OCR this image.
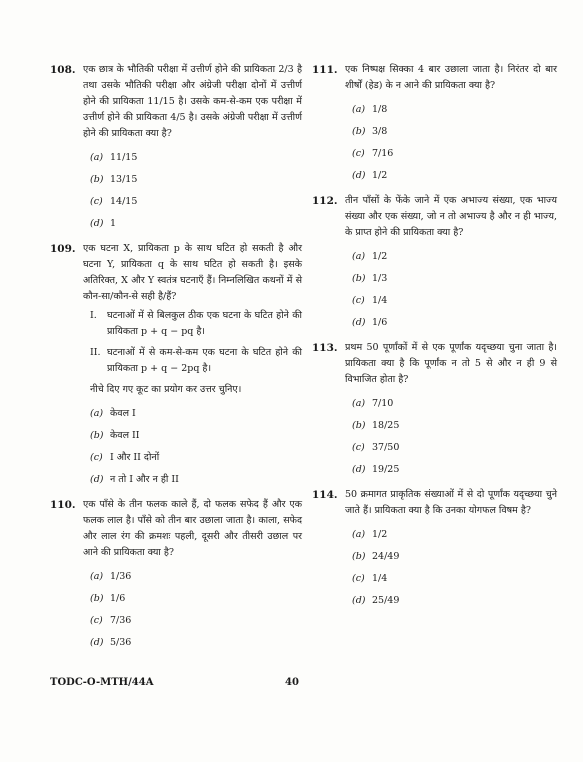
108. एक छात्र के भौतिकी परीक्षा में उत्तीर्ण होने की प्रायिकता 2/3 है तथा उसके भौतिकी परीक्षा और अंग्रेजी परीक्षा दोनों में उत्तीर्ण होने की प्रायिकता 11/15 है। उसके कम-से-कम एक परीक्षा में उत्तीर्ण होने की प्रायिकता 4/5 है। उसके अंग्रेजी परीक्षा में उत्तीर्ण होने की प्रायिकता क्या है?
(a) 11/15
(b) 13/15
(c) 14/15
(d) 1
109. एक घटना X, प्रायिकता p के साथ घटित हो सकती है और घटना Y, प्रायिकता q के साथ घटित हो सकती है। इसके अतिरिक्त, X और Y स्वतंत्र घटनाएँ हैं। निम्नलिखित कथनों में से कौन-सा/कौन-से सही है/हैं?
I. घटनाओं में से बिलकुल ठीक एक घटना के घटित होने की प्रायिकता p + q − pq है।
II. घटनाओं में से कम-से-कम एक घटना के घटित होने की प्रायिकता p + q − 2pq है।
नीचे दिए गए कूट का प्रयोग कर उत्तर चुनिए।
(a) केवल I
(b) केवल II
(c) I और II दोनों
(d) न तो I और न ही II
110. एक पाँसे के तीन फलक काले हैं, दो फलक सफेद हैं और एक फलक लाल है। पाँसे को तीन बार उछाला जाता है। काला, सफेद और लाल रंग की क्रमशः पहली, दूसरी और तीसरी उछाल पर आने की प्रायिकता क्या है?
(a) 1/36
(b) 1/6
(c) 7/36
(d) 5/36
111. एक निष्पक्ष सिक्का 4 बार उछाला जाता है। निरंतर दो बार शीर्षों (हेड) के न आने की प्रायिकता क्या है?
(a) 1/8
(b) 3/8
(c) 7/16
(d) 1/2
112. तीन पाँसों के फेंके जाने में एक अभाज्य संख्या, एक भाज्य संख्या और एक संख्या, जो न तो अभाज्य है और न ही भाज्य, के प्राप्त होने की प्रायिकता क्या है?
(a) 1/2
(b) 1/3
(c) 1/4
(d) 1/6
113. प्रथम 50 पूर्णांकों में से एक पूर्णांक यदृच्छया चुना जाता है। प्रायिकता क्या है कि पूर्णांक न तो 5 से और न ही 9 से विभाजित होता है?
(a) 7/10
(b) 18/25
(c) 37/50
(d) 19/25
114. 50 क्रमागत प्राकृतिक संख्याओं में से दो पूर्णांक यदृच्छया चुने जाते हैं। प्रायिकता क्या है कि उनका योगफल विषम है?
(a) 1/2
(b) 24/49
(c) 1/4
(d) 25/49
TODC-O-MTH/44A	40
